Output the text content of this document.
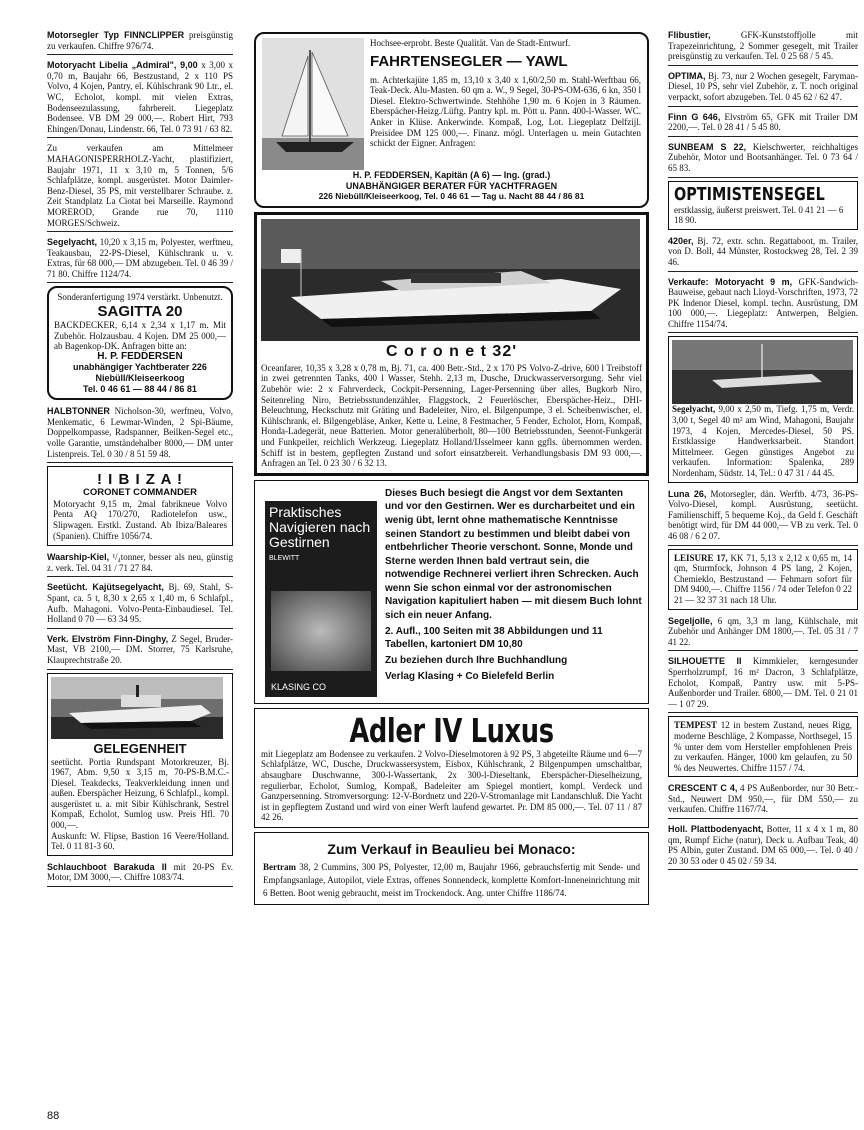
Motorsegler Typ FINNCLIPPER preisgünstig zu verkaufen. Chiffre 976/74.
Motoryacht Libelia „Admiral", 9,00 x 3,00 x 0,70 m, Baujahr 66, Bestzustand, 2 x 110 PS Volvo, 4 Kojen, Pantry, el. Kühlschrank 90 Ltr., el. WC, Echolot, kompl. mit vielen Extras, Bodenseezulassung, fahrbereit. Liegeplatz Bodensee. VB DM 29 000,—. Robert Hirt, 793 Ehingen/Donau, Lindenstr. 66, Tel. 0 73 91 / 63 82.
Zu verkaufen am Mittelmeer MAHAGONISPERRHOLZ-Yacht, plastifiziert, Baujahr 1971, 11 x 3,10 m, 5 Tonnen, 5/6 Schlafplätze, kompl. ausgerüstet. Motor Daimler-Benz-Diesel, 35 PS, mit verstellbarer Schraube. z. Zeit Standplatz La Ciotat bei Marseille. Raymond MOREROD, Grande rue 70, 1110 MORGES/Schweiz.
Segelyacht, 10,20 x 3,15 m, Polyester, werftneu, Teakausbau, 22-PS-Diesel, Kühlschrank u. v. Extras, für 68 000,— DM abzugeben. Tel. 0 46 39 / 71 80. Chiffre 1124/74.
Sonderanfertigung 1974 verstärkt. Unbenutzt.
SAGITTA 20
BACKDECKER, 6,14 x 2,34 x 1,17 m. Mit Zubehör. Holzausbau. 4 Kojen. DM 25 000,— ab Bagenkop-DK. Anfragen bitte an:
H. P. FEDDERSEN
unabhängiger Yachtberater 226 Niebüll/Kleiseerkoog
Tel. 0 46 61 — 88 44 / 86 81
HALBTONNER Nicholson-30, werftneu, Volvo, Menkematic, 6 Lewmar-Winden, 2 Spi-Bäume, Doppelkompasse, Radspanner, Beilken-Segel etc., volle Garantie, umständehalber 8000,— DM unter Listenpreis. Tel. 0 30 / 8 51 59 48.
! I B I Z A !
CORONET COMMANDER
Motoryacht 9,15 m, 2mal fabrikneue Volvo Penta AQ 170/270, Radiotelefon usw., Slipwagen. Erstkl. Zustand. Ab Ibiza/Baleares (Spanien). Chiffre 1056/74.
Waarship-Kiel, ¹/₄tonner, besser als neu, günstig z. verk. Tel. 04 31 / 71 27 84.
Seetücht. Kajütsegelyacht, Bj. 69, Stahl, S-Spant, ca. 5 t, 8,30 x 2,65 x 1,40 m, 6 Schlafpl., Aufb. Mahagoni. Volvo-Penta-Einbaudiesel. Tel. Holland 0 70 — 63 34 95.
Verk. Elvström Finn-Dinghy, Z Segel, Bruder-Mast, VB 2100,— DM. Storrer, 75 Karlsruhe, Klauprechtstraße 20.
GELEGENHEIT
seetücht. Portia Rundspant Motorkreuzer, Bj. 1967, Abm. 9,50 x 3,15 m, 70-PS-B.M.C.-Diesel. Teakdecks, Teakverkleidung innen und außen. Eberspächer Heizung, 6 Schlafpl., kompl. ausgerüstet u. a. mit Sibir Kühlschrank, Sestrel Kompaß, Echolot, Sumlog usw. Preis Hfl. 70 000,—.
Auskunft: W. Flipse, Bastion 16 Veere/Holland. Tel. 0 11 81-3 60.
Schlauchboot Barakuda II mit 20-PS Ev. Motor, DM 3000,—. Chiffre 1083/74.
Hochsee-erprobt. Beste Qualität. Van de Stadt-Entwurf.
FAHRTENSEGLER — YAWL
m. Achterkajüte 1,85 m, 13,10 x 3,40 x 1,60/2,50 m. Stahl-Werftbau 66, Teak-Deck. Alu-Masten. 60 qm a. W., 9 Segel, 30-PS-OM-636, 6 kn, 350 l Diesel. Elektro-Schwertwinde. Stehhöhe 1,90 m. 6 Kojen in 3 Räumen. Eberspächer-Heizg./Lüftg. Pantry kpl. m. Pött u. Pann. 400-l-Wasser. WC. Anker in Klüse. Ankerwinde. Kompaß, Log, Lot. Liegeplatz Delfzijl. Preisidee DM 125 000,—. Finanz. mögl. Unterlagen u. mein Gutachten schickt der Eigner. Anfragen:
H. P. FEDDERSEN, Kapitän (A 6) — Ing. (grad.)
UNABHÄNGIGER BERATER FÜR YACHTFRAGEN
226 Niebüll/Kleiseerkoog, Tel. 0 46 61 — Tag u. Nacht 88 44 / 86 81
C o r o n e t 32'
Oceanfarer, 10,35 x 3,28 x 0,78 m, Bj. 71, ca. 400 Betr.-Std., 2 x 170 PS Volvo-Z-drive, 600 l Treibstoff in zwei getrennten Tanks, 400 l Wasser, Stehh. 2,13 m, Dusche, Druckwasserversorgung. Sehr viel Zubehör wie: 2 x Fahrverdeck, Cockpit-Persenning, Lager-Persenning über alles, Bugkorb Niro, Seitenreling Niro, Betriebsstundenzähler, Flaggstock, 2 Feuerlöscher, Eberspächer-Heiz., DHI-Beleuchtung, Heckschutz mit Gräting und Badeleiter, Niro, el. Bilgenpumpe, 3 el. Scheibenwischer, el. Kühlschrank, el. Bilgengebläse, Anker, Kette u. Leine, 8 Festmacher, 5 Fender, Echolot, Horn, Kompaß, Honda-Ladegerät, neue Batterien. Motor generalüberholt, 80—100 Betriebsstunden, Seenot-Funkgerät und Funkpeiler, reichlich Werkzeug. Liegeplatz Holland/IJsselmeer kann ggfls. übernommen werden. Schiff ist in bestem, gepflegten Zustand und sofort einsatzbereit. Verhandlungsbasis DM 93 000,—. Anfragen an Tel. 0 23 30 / 6 32 13.
Praktisches Navigieren nach Gestirnen
BLEWITT
KLASING CO
Dieses Buch besiegt die Angst vor dem Sextanten und vor den Gestirnen. Wer es durcharbeitet und ein wenig übt, lernt ohne mathematische Kenntnisse seinen Standort zu bestimmen und bleibt dabei von entbehrlicher Theorie verschont. Sonne, Monde und Sterne werden Ihnen bald vertraut sein, die notwendige Rechnerei verliert ihren Schrecken. Auch wenn Sie schon einmal vor der astronomischen Navigation kapituliert haben — mit diesem Buch lohnt sich ein neuer Anfang.
2. Aufl., 100 Seiten mit 38 Abbildungen und 11 Tabellen, kartoniert DM 10,80
Zu beziehen durch Ihre Buchhandlung
Verlag Klasing + Co Bielefeld Berlin
Adler IV Luxus
mit Liegeplatz am Bodensee zu verkaufen. 2 Volvo-Dieselmotoren à 92 PS, 3 abgeteilte Räume und 6—7 Schlafplätze, WC, Dusche, Druckwassersystem, Eisbox, Kühlschrank, 2 Bilgenpumpen umschaltbar, absaugbare Duschwanne, 300-l-Wassertank, 2x 300-l-Dieseltank, Eberspächer-Dieselheizung, regulierbar, Echolot, Sumlog, Kompaß, Badeleiter am Spiegel montiert, kompl. Verdeck und Ganzpersenning. Stromversorgung: 12-V-Bordnetz und 220-V-Stromanlage mit Landanschluß. Die Yacht ist in gepflegtem Zustand und wird von einer Werft laufend gewartet. Pr. DM 85 000,—. Tel. 07 11 / 87 42 26.
Zum Verkauf in Beaulieu bei Monaco:
Bertram 38, 2 Cummins, 300 PS, Polyester, 12,00 m, Baujahr 1966, gebrauchsfertig mit Sende- und Empfangsanlage, Autopilot, viele Extras, offenes Sonnendeck, komplette Komfort-Inneneinrichtung mit 6 Betten. Boot wenig gebraucht, meist im Trockendock. Ang. unter Chiffre 1186/74.
Flibustier,	GFK-Kunststoffjolle mit Trapezeinrichtung, 2 Sommer gesegelt, mit Trailer preisgünstig zu verkaufen. Tel. 0 25 68 / 5 45.
OPTIMA, Bj. 73, nur 2 Wochen gesegelt, Faryman-Diesel, 10 PS, sehr viel Zubehör, z. T. noch original verpackt, sofort abzugeben. Tel. 0 45 62 / 62 47.
Finn G 646, Elvström 65, GFK mit Trailer DM 2200,—. Tel. 0 28 41 / 5 45 80.
SUNBEAM S 22, Kielschwerter, reichhaltiges Zubehör, Motor und Bootsanhänger. Tel. 0 73 64 / 65 83.
OPTIMISTENSEGEL
erstklassig, äußerst preiswert. Tel. 0 41 21 — 6 18 90.
420er, Bj. 72, extr. schn. Regattaboot, m. Trailer, von D. Boll, 44 Münster, Rostockweg 28, Tel. 2 39 46.
Verkaufe: Motoryacht 9 m, GFK-Sandwich-Bauweise, gebaut nach Lloyd-Vorschriften, 1973, 72 PK Indenor Diesel, kompl. techn. Ausrüstung, DM 100 000,—. Liegeplatz: Antwerpen, Belgien. Chiffre 1154/74.
Segelyacht, 9,00 x 2,50 m, Tiefg. 1,75 m, Verdr. 3,00 t, Segel 40 m² am Wind, Mahagoni, Baujahr 1973, 4 Kojen, Mercedes-Diesel, 50 PS. Erstklassige Handwerksarbeit. Standort Mittelmeer. Gegen günstiges Angebot zu verkaufen. Information: Spalenka, 289 Nordenham, Südstr. 14, Tel.: 0 47 31 / 44 45.
Luna 26, Motorsegler, dän. Werftb. 4/73, 36-PS-Volvo-Diesel, kompl. Ausrüstung, seetücht. Familienschiff, 5 bequeme Koj., da Geld f. Geschäft benötigt wird, für DM 44 000,— VB zu verk. Tel. 0 46 08 / 6 2 07.
LEISURE 17, KK 71, 5,13 x 2,12 x 0,65 m, 14 qm, Sturmfock, Johnson 4 PS lang, 2 Kojen, Chemieklo, Bestzustand — Fehmarn sofort für DM 9400,—. Chiffre 1156 / 74 oder Telefon 0 22 21 — 32 37 31 nach 18 Uhr.
Segeljolle, 6 qm, 3,3 m lang, Kühlschale, mit Zubehör und Anhänger DM 1800,—. Tel. 05 31 / 7 41 22.
SILHOUETTE II Kimmkieler, kerngesunder Sperrholzrumpf, 16 m² Dacron, 3 Schlafplätze, Echolot, Kompaß, Pantry usw. mit 5-PS-Außenborder und Trailer. 6800,— DM. Tel. 0 21 01 — 1 07 29.
TEMPEST 12 in bestem Zustand, neues Rigg, moderne Beschläge, 2 Kompasse, Northsegel, 15 % unter dem vom Hersteller empfohlenen Preis zu verkaufen. Hänger, 1000 km gelaufen, zu 50 % des Neuwertes. Chiffre 1157 / 74.
CRESCENT C 4, 4 PS Außenborder, nur 30 Betr.-Std., Neuwert DM 950,—, für DM 550,— zu verkaufen. Chiffre 1167/74.
Holl. Plattbodenyacht, Botter, 11 x 4 x 1 m, 80 qm, Rumpf Eiche (natur), Deck u. Aufbau Teak, 40 PS Albin, guter Zustand. DM 65 000,—. Tel. 0 40 / 20 30 53 oder 0 45 02 / 59 34.
88
